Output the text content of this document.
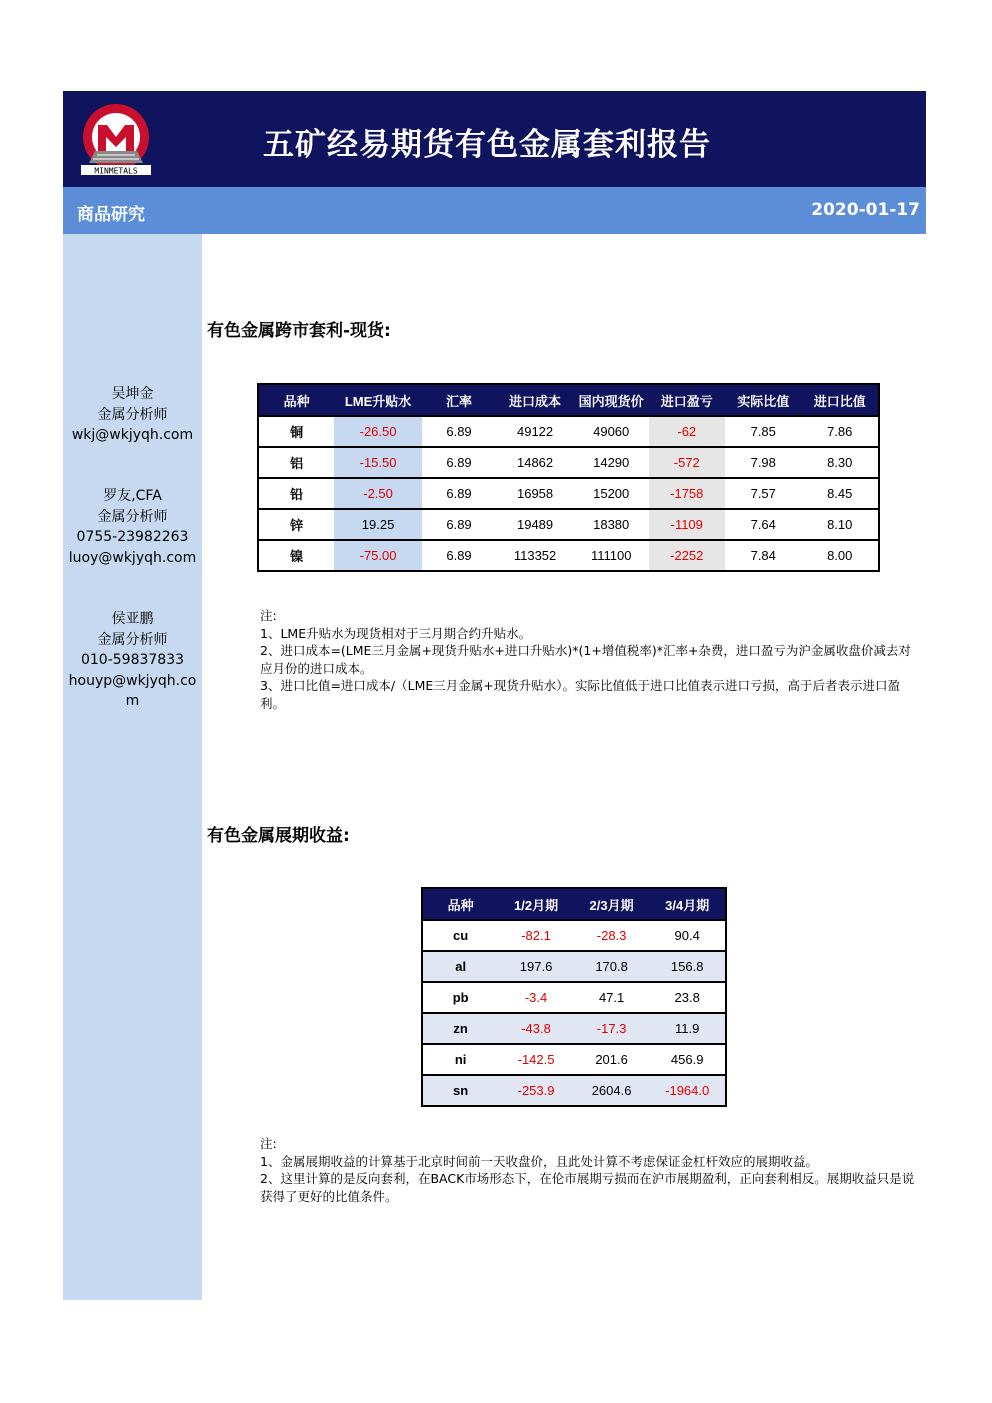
MINMETALS
五矿经易期货有色金属套利报告
商品研究	2020-01-17
吴坤金
金属分析师
wkj@wkjyqh.com
罗友,CFA
金属分析师
0755-23982263
luoy@wkjyqh.com
侯亚鹏
金属分析师
010-59837833
houyp@wkjyqh.co
m
有色金属跨市套利-现货:
品种	LME升贴水	汇率	进口成本	国内现货价	进口盈亏	实际比值	进口比值
铜	-26.50	6.89	49122	49060	-62	7.85	7.86
铝	-15.50	6.89	14862	14290	-572	7.98	8.30
铅	-2.50	6.89	16958	15200	-1758	7.57	8.45
锌	19.25	6.89	19489	18380	-1109	7.64	8.10
镍	-75.00	6.89	113352	111100	-2252	7.84	8.00

注:

1、LME升贴水为现货相对于三月期合约升贴水。

2、进口成本=(LME三月金属+现货升贴水+进口升贴水)*(1+增值税率)*汇率+杂费，进口盈亏为沪金属收盘价减去对应月份的进口成本。

3、进口比值=进口成本/（LME三月金属+现货升贴水）。实际比值低于进口比值表示进口亏损，高于后者表示进口盈利。

有色金属展期收益:
品种	1/2月期	2/3月期	3/4月期
cu	-82.1	-28.3	90.4
al	197.6	170.8	156.8
pb	-3.4	47.1	23.8
zn	-43.8	-17.3	11.9
ni	-142.5	201.6	456.9
sn	-253.9	2604.6	-1964.0

注:

1、金属展期收益的计算基于北京时间前一天收盘价，且此处计算不考虑保证金杠杆效应的展期收益。

2、这里计算的是反向套利，在BACK市场形态下，在伦市展期亏损而在沪市展期盈利，正向套利相反。展期收益只是说获得了更好的比值条件。
